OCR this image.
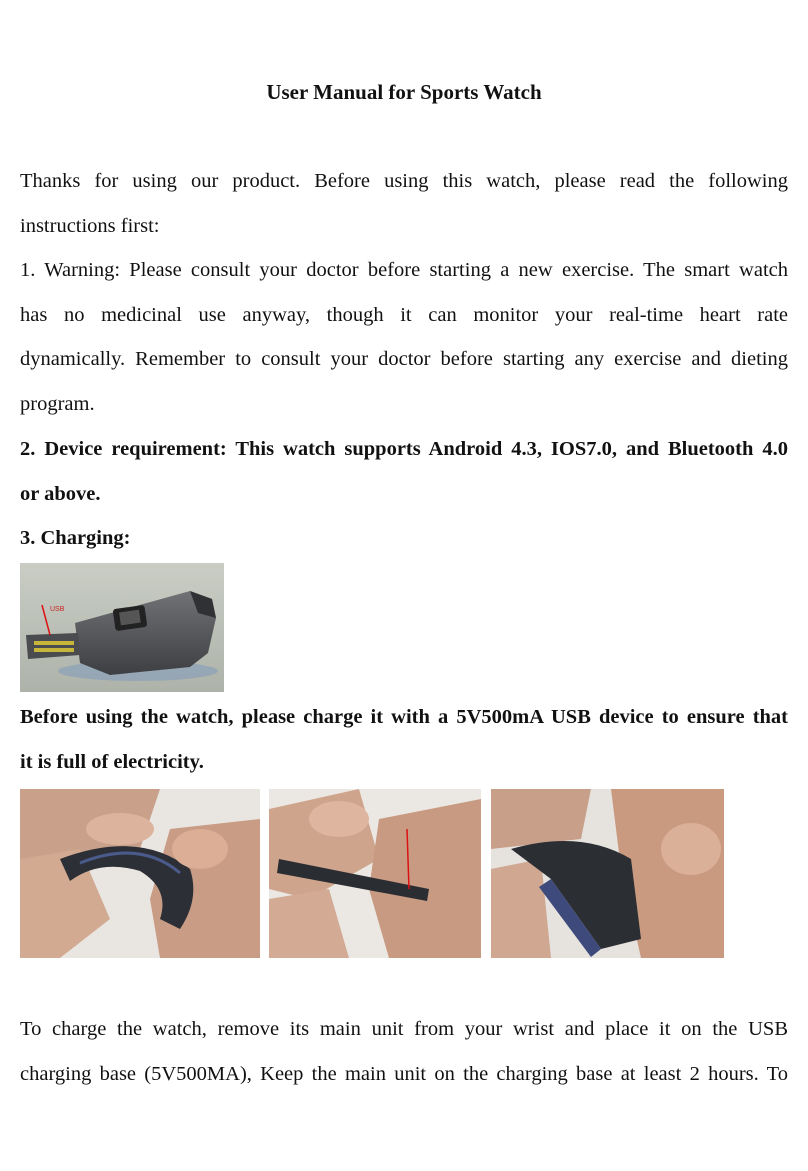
User Manual for Sports Watch

Thanks for using our product. Before using this watch, please read the following
instructions first:

1. Warning: Please consult your doctor before starting a new exercise. The smart watch
has no medicinal use anyway, though it can monitor your real-time heart rate
dynamically. Remember to consult your doctor before starting any exercise and dieting
program.

2. Device requirement: This watch supports Android 4.3, IOS7.0, and Bluetooth 4.0
or above.

3. Charging:

USB

Before using the watch, please charge it with a 5V500mA USB device to ensure that
it is full of electricity.

To charge the watch, remove its main unit from your wrist and place it on the USB
charging base (5V500MA), Keep the main unit on the charging base at least 2 hours. To
